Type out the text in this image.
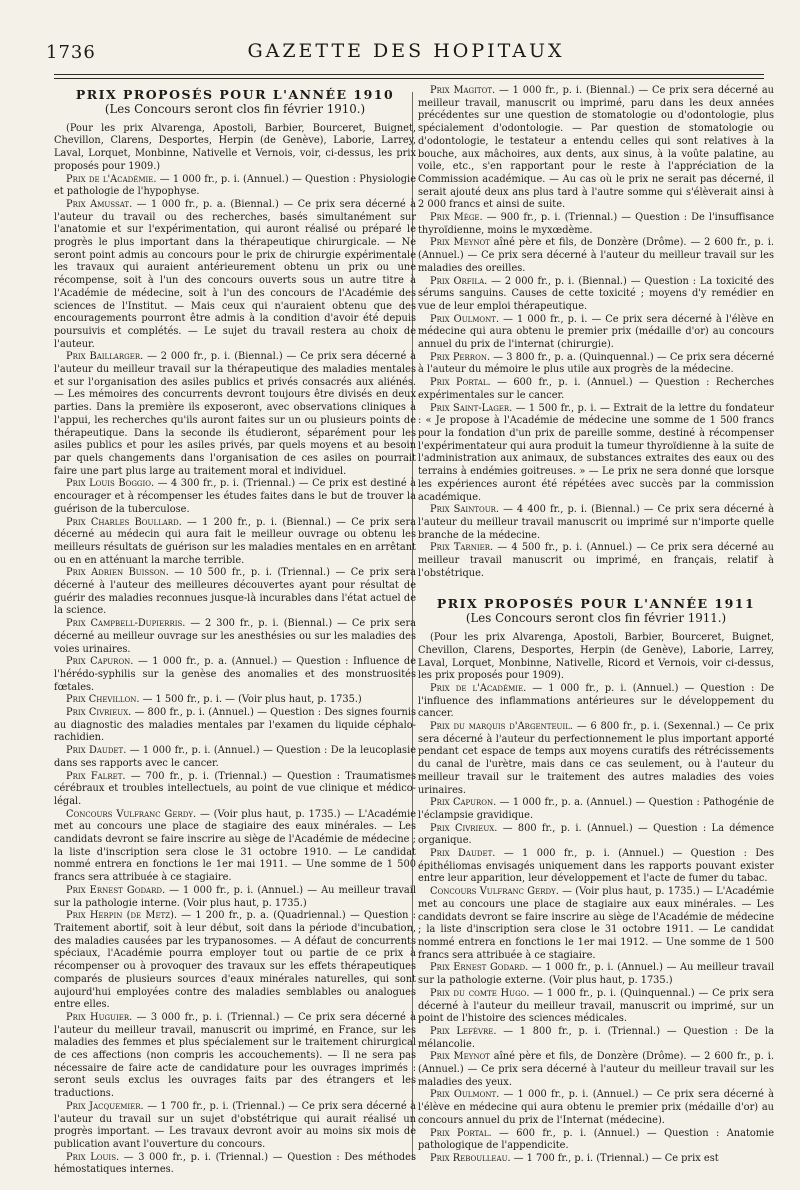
1736	GAZETTE DES HOPITAUX
PRIX PROPOSÉS POUR L'ANNÉE 1910
(Les Concours seront clos fin février 1910.)

(Pour les prix Alvarenga, Apostoli, Barbier, Bourceret, Buignet, Chevillon, Clarens, Desportes, Herpin (de Genève), Laborie, Larrey, Laval, Lorquet, Monbinne, Nativelle et Vernois, voir, ci-dessus, les prix proposés pour 1909.)

Prix de l'Académie. — 1 000 fr., p. i. (Annuel.) — Question : Physiologie et pathologie de l'hypophyse.

Prix Amussat. — 1 000 fr., p. a. (Biennal.) — Ce prix sera décerné à l'auteur du travail ou des recherches, basés simultanément sur l'anatomie et sur l'expérimentation, qui auront réalisé ou préparé le progrès le plus important dans la thérapeutique chirurgicale. — Ne seront point admis au concours pour le prix de chirurgie expérimentale les travaux qui auraient antérieurement obtenu un prix ou une récompense, soit à l'un des concours ouverts sous un autre titre à l'Académie de médecine, soit à l'un des concours de l'Académie des sciences de l'Institut. — Mais ceux qui n'auraient obtenu que des encouragements pourront être admis à la condition d'avoir été depuis poursuivis et complétés. — Le sujet du travail restera au choix de l'auteur.

Prix Baillarger. — 2 000 fr., p. i. (Biennal.) — Ce prix sera décerné à l'auteur du meilleur travail sur la thérapeutique des maladies mentales et sur l'organisation des asiles publics et privés consacrés aux aliénés. — Les mémoires des concurrents devront toujours être divisés en deux parties. Dans la première ils exposeront, avec observations cliniques à l'appui, les recherches qu'ils auront faites sur un ou plusieurs points de thérapeutique. Dans la seconde ils étudieront, séparément pour les asiles publics et pour les asiles privés, par quels moyens et au besoin par quels changements dans l'organisation de ces asiles on pourrait faire une part plus large au traitement moral et individuel.

Prix Louis Boggio. — 4 300 fr., p. i. (Triennal.) — Ce prix est destiné à encourager et à récompenser les études faites dans le but de trouver la guérison de la tuberculose.

Prix Charles Boullard. — 1 200 fr., p. i. (Biennal.) — Ce prix sera décerné au médecin qui aura fait le meilleur ouvrage ou obtenu les meilleurs résultats de guérison sur les maladies mentales en en arrêtant ou en en atténuant la marche terrible.

Prix Adrien Buisson. — 10 500 fr., p. i. (Triennal.) — Ce prix sera décerné à l'auteur des meilleures découvertes ayant pour résultat de guérir des maladies reconnues jusque-là incurables dans l'état actuel de la science.

Prix Campbell-Dupierris. — 2 300 fr., p. i. (Biennal.) — Ce prix sera décerné au meilleur ouvrage sur les anesthésies ou sur les maladies des voies urinaires.

Prix Capuron. — 1 000 fr., p. a. (Annuel.) — Question : Influence de l'hérédo-syphilis sur la genèse des anomalies et des monstruosités fœtales.

Prix Chevillon. — 1 500 fr., p. i. — (Voir plus haut, p. 1735.)

Prix Civrieux. — 800 fr., p. i. (Annuel.) — Question : Des signes fournis au diagnostic des maladies mentales par l'examen du liquide céphalo-rachidien.

Prix Daudet. — 1 000 fr., p. i. (Annuel.) — Question : De la leucoplasie dans ses rapports avec le cancer.

Prix Falret. — 700 fr., p. i. (Triennal.) — Question : Traumatismes cérébraux et troubles intellectuels, au point de vue clinique et médico-légal.

Concours Vulfranc Gerdy. — (Voir plus haut, p. 1735.) — L'Académie met au concours une place de stagiaire des eaux minérales. — Les candidats devront se faire inscrire au siège de l'Académie de médecine ; la liste d'inscription sera close le 31 octobre 1910. — Le candidat nommé entrera en fonctions le 1er mai 1911. — Une somme de 1 500 francs sera attribuée à ce stagiaire.

Prix Ernest Godard. — 1 000 fr., p. i. (Annuel.) — Au meilleur travail sur la pathologie interne. (Voir plus haut, p. 1735.)

Prix Herpin (de Metz). — 1 200 fr., p. a. (Quadriennal.) — Question : Traitement abortif, soit à leur début, soit dans la période d'incubation, des maladies causées par les trypanosomes. — A défaut de concurrents spéciaux, l'Académie pourra employer tout ou partie de ce prix à récompenser ou à provoquer des travaux sur les effets thérapeutiques comparés de plusieurs sources d'eaux minérales naturelles, qui sont aujourd'hui employées contre des maladies semblables ou analogues entre elles.

Prix Huguier. — 3 000 fr., p. i. (Triennal.) — Ce prix sera décerné à l'auteur du meilleur travail, manuscrit ou imprimé, en France, sur les maladies des femmes et plus spécialement sur le traitement chirurgical de ces affections (non compris les accouchements). — Il ne sera pas nécessaire de faire acte de candidature pour les ouvrages imprimés : seront seuls exclus les ouvrages faits par des étrangers et les traductions.

Prix Jacquemier. — 1 700 fr., p. i. (Triennal.) — Ce prix sera décerné à l'auteur du travail sur un sujet d'obstétrique qui aurait réalisé un progrès important. — Les travaux devront avoir au moins six mois de publication avant l'ouverture du concours.

Prix Louis. — 3 000 fr., p. i. (Triennal.) — Question : Des méthodes hémostatiques internes.

Prix Magitot. — 1 000 fr., p. i. (Biennal.) — Ce prix sera décerné au meilleur travail, manuscrit ou imprimé, paru dans les deux années précédentes sur une question de stomatologie ou d'odontologie, plus spécialement d'odontologie. — Par question de stomatologie ou d'odontologie, le testateur a entendu celles qui sont relatives à la bouche, aux mâchoires, aux dents, aux sinus, à la voûte palatine, au voile, etc., s'en rapportant pour le reste à l'appréciation de la Commission académique. — Au cas où le prix ne serait pas décerné, il serait ajouté deux ans plus tard à l'autre somme qui s'élèverait ainsi à 2 000 francs et ainsi de suite.

Prix Mège. — 900 fr., p. i. (Triennal.) — Question : De l'insuffisance thyroïdienne, moins le myxœdème.

Prix Meynot aîné père et fils, de Donzère (Drôme). — 2 600 fr., p. i. (Annuel.) — Ce prix sera décerné à l'auteur du meilleur travail sur les maladies des oreilles.

Prix Orfila. — 2 000 fr., p. i. (Biennal.) — Question : La toxicité des sérums sanguins. Causes de cette toxicité ; moyens d'y remédier en vue de leur emploi thérapeutique.

Prix Oulmont. — 1 000 fr., p. i. — Ce prix sera décerné à l'élève en médecine qui aura obtenu le premier prix (médaille d'or) au concours annuel du prix de l'internat (chirurgie).

Prix Perron. — 3 800 fr., p. a. (Quinquennal.) — Ce prix sera décerné à l'auteur du mémoire le plus utile aux progrès de la médecine.

Prix Portal. — 600 fr., p. i. (Annuel.) — Question : Recherches expérimentales sur le cancer.

Prix Saint-Lager. — 1 500 fr., p. i. — Extrait de la lettre du fondateur : « Je propose à l'Académie de médecine une somme de 1 500 francs pour la fondation d'un prix de pareille somme, destiné à récompenser l'expérimentateur qui aura produit la tumeur thyroïdienne à la suite de l'administration aux animaux, de substances extraites des eaux ou des terrains à endémies goitreuses. » — Le prix ne sera donné que lorsque les expériences auront été répétées avec succès par la commission académique.

Prix Saintour. — 4 400 fr., p. i. (Biennal.) — Ce prix sera décerné à l'auteur du meilleur travail manuscrit ou imprimé sur n'importe quelle branche de la médecine.

Prix Tarnier. — 4 500 fr., p. i. (Annuel.) — Ce prix sera décerné au meilleur travail manuscrit ou imprimé, en français, relatif à l'obstétrique.

PRIX PROPOSÉS POUR L'ANNÉE 1911
(Les Concours seront clos fin février 1911.)

(Pour les prix Alvarenga, Apostoli, Barbier, Bourceret, Buignet, Chevillon, Clarens, Desportes, Herpin (de Genève), Laborie, Larrey, Laval, Lorquet, Monbinne, Nativelle, Ricord et Vernois, voir ci-dessus, les prix proposés pour 1909).

Prix de l'Académie. — 1 000 fr., p. i. (Annuel.) — Question : De l'influence des inflammations antérieures sur le développement du cancer.

Prix du marquis d'Argenteuil. — 6 800 fr., p. i. (Sexennal.) — Ce prix sera décerné à l'auteur du perfectionnement le plus important apporté pendant cet espace de temps aux moyens curatifs des rétrécissements du canal de l'urètre, mais dans ce cas seulement, ou à l'auteur du meilleur travail sur le traitement des autres maladies des voies urinaires.

Prix Capuron. — 1 000 fr., p. a. (Annuel.) — Question : Pathogénie de l'éclampsie gravidique.

Prix Civrieux. — 800 fr., p. i. (Annuel.) — Question : La démence organique.

Prix Daudet. — 1 000 fr., p. i. (Annuel.) — Question : Des épithéliomas envisagés uniquement dans les rapports pouvant exister entre leur apparition, leur développement et l'acte de fumer du tabac.

Concours Vulfranc Gerdy. — (Voir plus haut, p. 1735.) — L'Académie met au concours une place de stagiaire aux eaux minérales. — Les candidats devront se faire inscrire au siège de l'Académie de médecine ; la liste d'inscription sera close le 31 octobre 1911. — Le candidat nommé entrera en fonctions le 1er mai 1912. — Une somme de 1 500 francs sera attribuée à ce stagiaire.

Prix Ernest Godard. — 1 000 fr., p. i. (Annuel.) — Au meilleur travail sur la pathologie externe. (Voir plus haut, p. 1735.)

Prix du comte Hugo. — 1 000 fr., p. i. (Quinquennal.) — Ce prix sera décerné à l'auteur du meilleur travail, manuscrit ou imprimé, sur un point de l'histoire des sciences médicales.

Prix Lefèvre. — 1 800 fr., p. i. (Triennal.) — Question : De la mélancolie.

Prix Meynot aîné père et fils, de Donzère (Drôme). — 2 600 fr., p. i. (Annuel.) — Ce prix sera décerné à l'auteur du meilleur travail sur les maladies des yeux.

Prix Oulmont. — 1 000 fr., p. i. (Annuel.) — Ce prix sera décerné à l'élève en médecine qui aura obtenu le premier prix (médaille d'or) au concours annuel du prix de l'Internat (médecine).

Prix Portal. — 600 fr., p. i. (Annuel.) — Question : Anatomie pathologique de l'appendicite.

Prix Reboulleau. — 1 700 fr., p. i. (Triennal.) — Ce prix est
